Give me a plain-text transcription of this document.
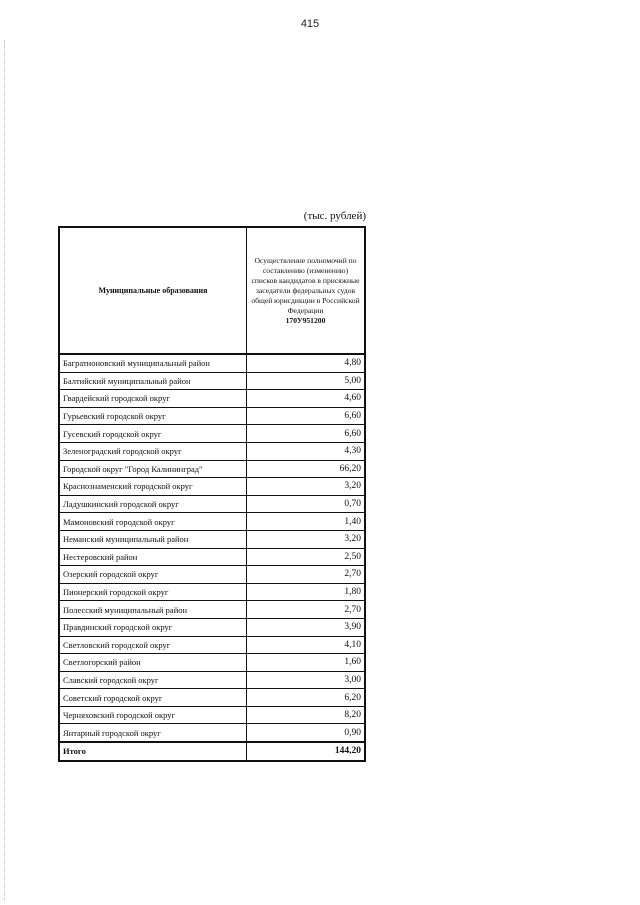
415
(тыс. рублей)
Муниципальные образования	Осуществление полномочий по составлению (изменению) списков кандидатов в присяжные заседатели федеральных судов общей юрисдикции в Российской Федерации
170У951200

Багратионовский муниципальный район	4,80
Балтийский муниципальный район	5,00
Гвардейский городской округ	4,60
Гурьевский городской округ	6,60
Гусевский городской округ	6,60
Зеленоградский городской округ	4,30
Городской округ "Город Калининград"	66,20
Краснознаменский городской округ	3,20
Ладушкинский городской округ	0,70
Мамоновский городской округ	1,40
Неманский муниципальный район	3,20
Нестеровский район	2,50
Озерский городской округ	2,70
Пионерский городской округ	1,80
Полесский муниципальный район	2,70
Правдинский городской округ	3,90
Светловский городской округ	4,10
Светлогорский район	1,60
Славский городской округ	3,00
Советский городской округ	6,20
Черняховский городской округ	8,20
Янтарный городской округ	0,90
Итого	144,20
